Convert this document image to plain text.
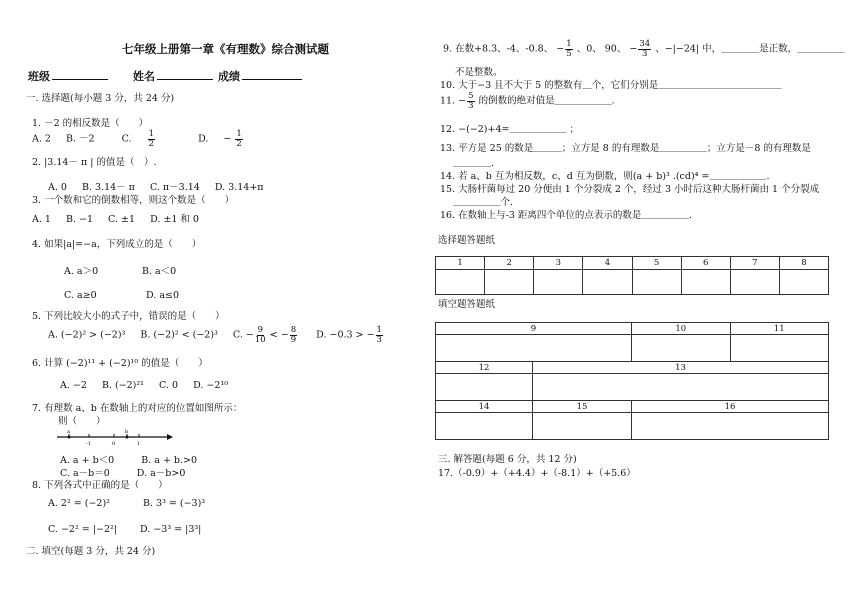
七年级上册第一章《有理数》综合测试题
班级	姓名	成绩
一. 选择题(每小题 3 分，共 24 分)
1. －2 的相反数是（　　）
A. 2 B. －2	C. $\frac{1}{2}$	D. − $\frac{1}{2}$
2. |3.14－ π | 的值是（　）.
A. 0 B. 3.14－ π C. π－3.14 D. 3.14+π
3. 一个数和它的倒数相等，则这个数是（　　）
A. 1 B. −1 C. ±1 D. ±1 和 0
4. 如果|a|=−a，下列成立的是（　　）
A. a＞0	B. a＜0
C. a≥0	D. a≤0
5. 下列比较大小的式子中，错误的是（　　）
A. (−2)² > (−2)³ B. (−2)² < (−2)³ C. − $\frac{9}{10}$ < − $\frac{8}{9} D$. −0.3 > − $\frac{1}{3}$
6. 计算 (−2)¹¹ + (−2)¹⁰ 的值是（　　）
A. −2 B. (−2)²¹ C. 0 D. −2¹⁰
7. 有理数 a、b 在数轴上的对应的位置如图所示：
则（　　）
a	b
-1	0	1
A. a + b＜0	B. a + b.>0
C. a－b＝0	D. a－b>0
8. 下列各式中正确的是（　　）
A. 2² = (−2)²	B. 3³ = (−3)³
C. −2² = |−2²| D. −3³ = |3³|
二. 填空(每题 3 分，共 24 分)
9. 在数+8.3、-4、-0.8、 − $\frac{1}{5}$ 、0、 90、 − $\frac{34}{3}$ 、−|−24| 中，＿＿＿＿是正数，＿＿＿＿＿
不是整数。
10. 大于−3 且不大于 5 的整数有＿个，它们分别是＿＿＿＿＿＿＿＿＿＿＿＿＿
11. − $\frac{5}{3}$ 的倒数的绝对值是＿＿＿＿＿＿.
12. −(−2)+4=＿＿＿＿＿＿ ；
13. 平方是 25 的数是＿＿＿；立方是 8 的有理数是＿＿＿＿＿；立方是－8 的有理数是
＿＿＿＿.
14. 若 a、b 互为相反数，c、d 互为倒数，则(a + b)³ .(cd)⁴ =＿＿＿＿＿＿.
15. 大肠杆菌每过 20 分便由 1 个分裂成 2 个，经过 3 小时后这种大肠杆菌由 1 个分裂成
＿＿＿＿＿个.
16. 在数轴上与-3 距离四个单位的点表示的数是＿＿＿＿＿.
选择题答题纸
1	2	3	4	5	6	7	8

填空题答题纸
9		10	11

12	13		

14	15	16	

三. 解答题(每题 6 分，共 12 分)
17.（-0.9）+（+4.4）+（-8.1）+（+5.6）
